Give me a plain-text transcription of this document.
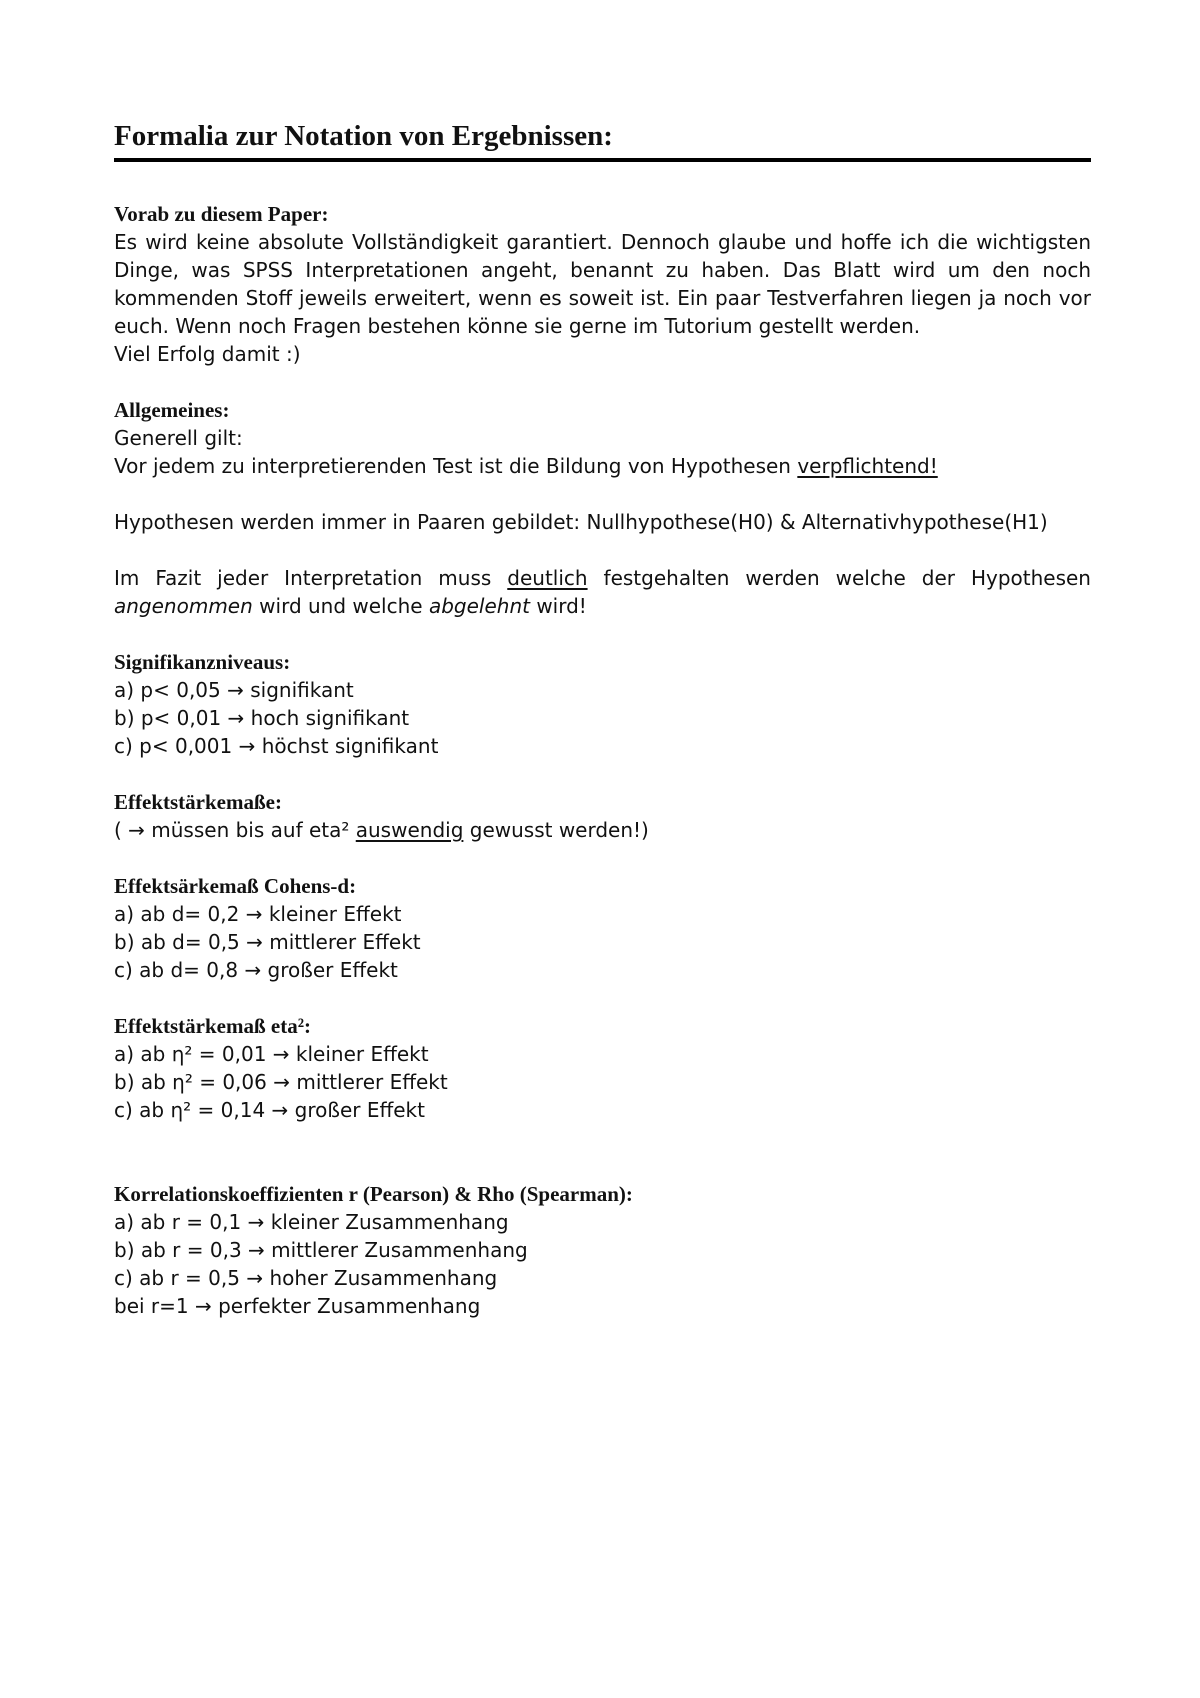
Formalia zur Notation von Ergebnissen:
Vorab zu diesem Paper:
Es wird keine absolute Vollständigkeit garantiert. Dennoch glaube und hoffe ich die wichtigsten Dinge, was SPSS Interpretationen angeht, benannt zu haben. Das Blatt wird um den noch kommenden Stoff jeweils erweitert, wenn es soweit ist. Ein paar Testverfahren liegen ja noch vor euch. Wenn noch Fragen bestehen könne sie gerne im Tutorium gestellt werden.
Viel Erfolg damit :)
Allgemeines:
Generell gilt:
Vor jedem zu interpretierenden Test ist die Bildung von Hypothesen verpflichtend!
Hypothesen werden immer in Paaren gebildet: Nullhypothese(H0) & Alternativhypothese(H1)
Im Fazit jeder Interpretation muss deutlich festgehalten werden welche der Hypothesen angenommen wird und welche abgelehnt wird!
Signifikanzniveaus:
a) p< 0,05 → signifikant
b) p< 0,01 → hoch signifikant
c) p< 0,001 → höchst signifikant
Effektstärkemaße:
( → müssen bis auf eta² auswendig gewusst werden!)
Effektsärkemaß Cohens-d:
a) ab d= 0,2 → kleiner Effekt
b) ab d= 0,5 → mittlerer Effekt
c) ab d= 0,8 → großer Effekt
Effektstärkemaß eta²:
a) ab η² = 0,01 → kleiner Effekt
b) ab η² = 0,06 → mittlerer Effekt
c) ab η² = 0,14 → großer Effekt
Korrelationskoeffizienten r (Pearson) & Rho (Spearman):
a) ab r = 0,1 → kleiner Zusammenhang
b) ab r = 0,3 → mittlerer Zusammenhang
c) ab r = 0,5 → hoher Zusammenhang
bei r=1 → perfekter Zusammenhang
